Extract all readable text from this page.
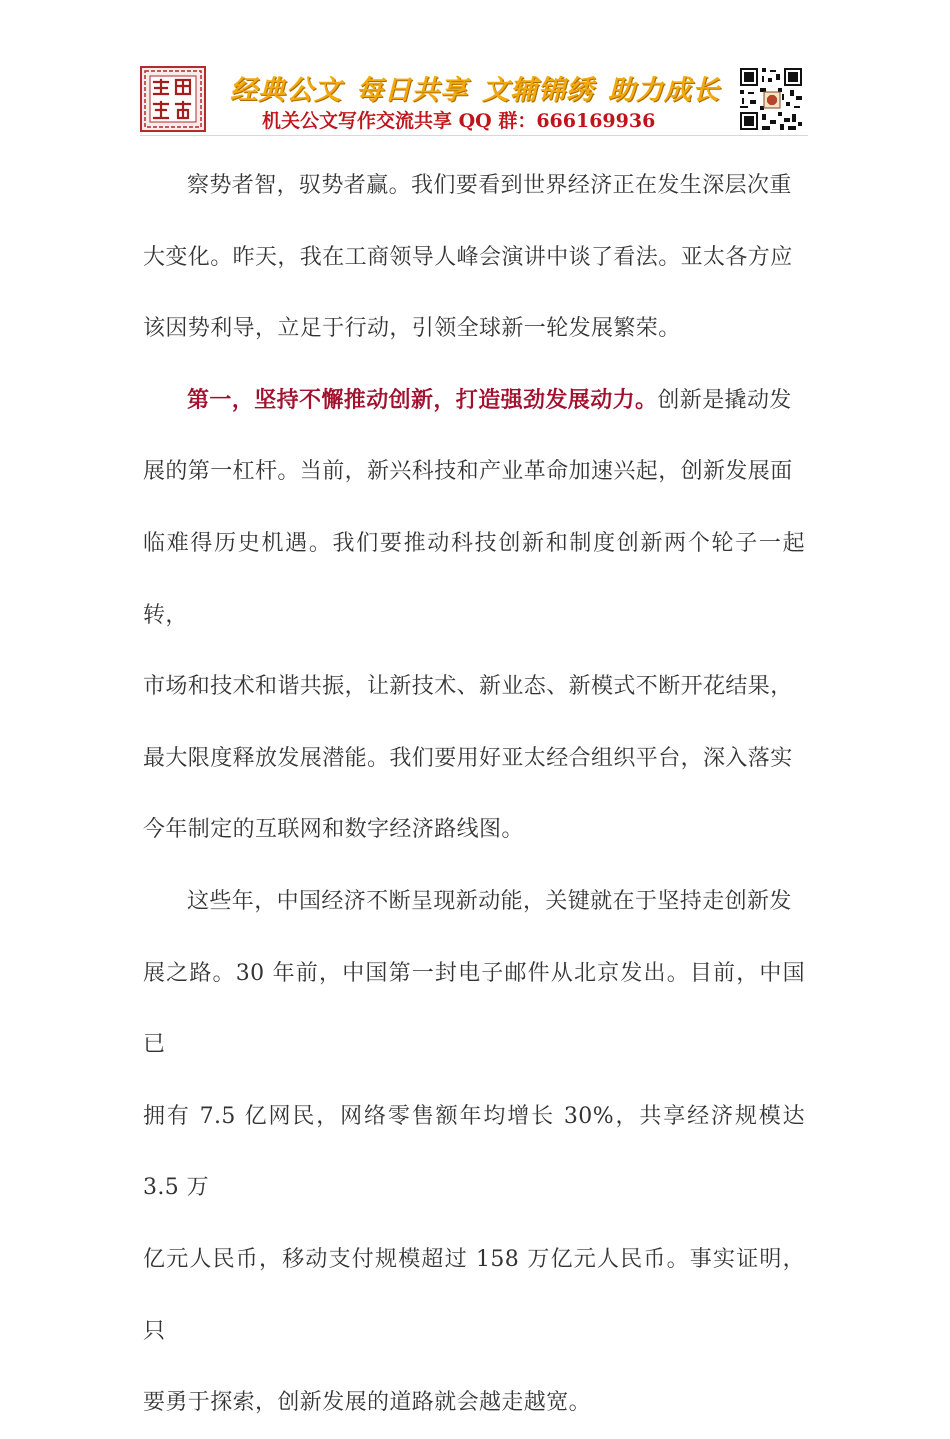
经典公文 每日共享 文辅锦绣 助力成长
机关公文写作交流共享 QQ 群：666169936

察势者智，驭势者赢。我们要看到世界经济正在发生深层次重
大变化。昨天，我在工商领导人峰会演讲中谈了看法。亚太各方应
该因势利导，立足于行动，引领全球新一轮发展繁荣。

第一，坚持不懈推动创新，打造强劲发展动力。创新是撬动发
展的第一杠杆。当前，新兴科技和产业革命加速兴起，创新发展面
临难得历史机遇。我们要推动科技创新和制度创新两个轮子一起转，
市场和技术和谐共振，让新技术、新业态、新模式不断开花结果，
最大限度释放发展潜能。我们要用好亚太经合组织平台，深入落实
今年制定的互联网和数字经济路线图。

这些年，中国经济不断呈现新动能，关键就在于坚持走创新发
展之路。30 年前，中国第一封电子邮件从北京发出。目前，中国已
拥有 7.5 亿网民，网络零售额年均增长 30%，共享经济规模达 3.5 万
亿元人民币，移动支付规模超过 158 万亿元人民币。事实证明，只
要勇于探索，创新发展的道路就会越走越宽。
